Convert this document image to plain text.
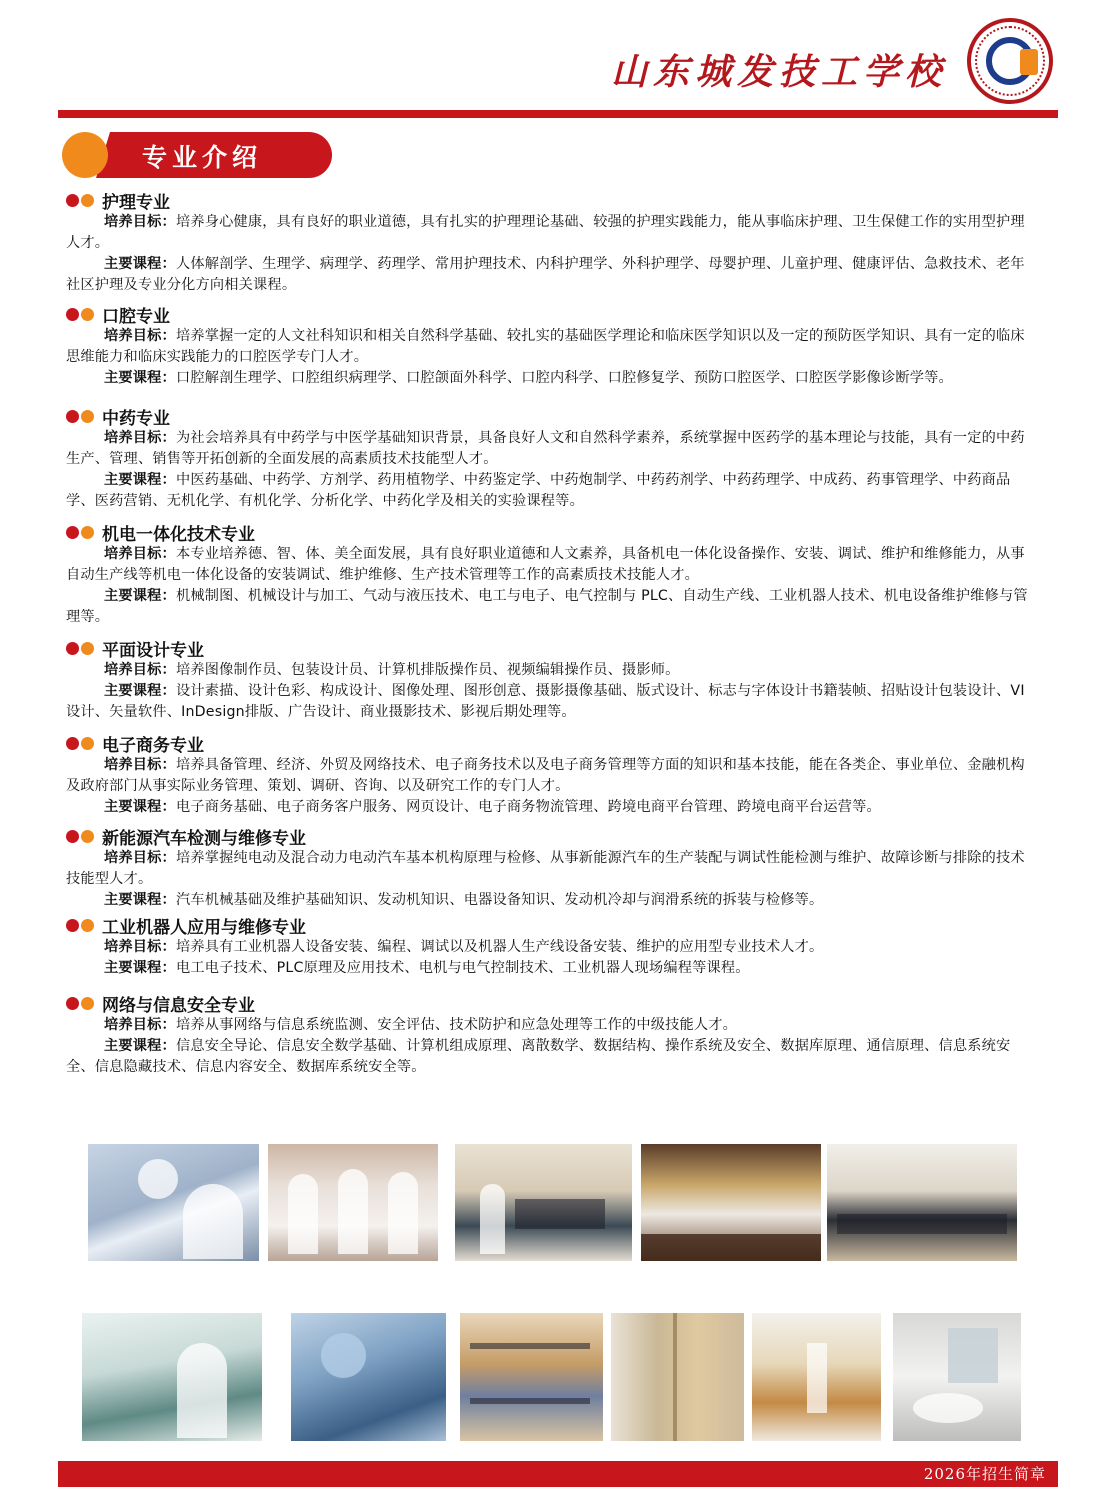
山东城发技工学校
专业介绍
护理专业

培养目标：培养身心健康，具有良好的职业道德，具有扎实的护理理论基础、较强的护理实践能力，能从事临床护理、卫生保健工作的实用型护理人才。

主要课程：人体解剖学、生理学、病理学、药理学、常用护理技术、内科护理学、外科护理学、母婴护理、儿童护理、健康评估、急救技术、老年社区护理及专业分化方向相关课程。

口腔专业

培养目标：培养掌握一定的人文社科知识和相关自然科学基础、较扎实的基础医学理论和临床医学知识以及一定的预防医学知识、具有一定的临床思维能力和临床实践能力的口腔医学专门人才。

主要课程：口腔解剖生理学、口腔组织病理学、口腔颌面外科学、口腔内科学、口腔修复学、预防口腔医学、口腔医学影像诊断学等。

中药专业

培养目标：为社会培养具有中药学与中医学基础知识背景，具备良好人文和自然科学素养，系统掌握中医药学的基本理论与技能，具有一定的中药生产、管理、销售等开拓创新的全面发展的高素质技术技能型人才。

主要课程：中医药基础、中药学、方剂学、药用植物学、中药鉴定学、中药炮制学、中药药剂学、中药药理学、中成药、药事管理学、中药商品学、医药营销、无机化学、有机化学、分析化学、中药化学及相关的实验课程等。

机电一体化技术专业

培养目标：本专业培养德、智、体、美全面发展，具有良好职业道德和人文素养，具备机电一体化设备操作、安装、调试、维护和维修能力，从事自动生产线等机电一体化设备的安装调试、维护维修、生产技术管理等工作的高素质技术技能人才。

主要课程：机械制图、机械设计与加工、气动与液压技术、电工与电子、电气控制与 PLC、自动生产线、工业机器人技术、机电设备维护维修与管理等。

平面设计专业

培养目标：培养图像制作员、包装设计员、计算机排版操作员、视频编辑操作员、摄影师。

主要课程：设计素描、设计色彩、构成设计、图像处理、图形创意、摄影摄像基础、版式设计、标志与字体设计书籍装帧、招贴设计包装设计、VI设计、矢量软件、InDesign排版、广告设计、商业摄影技术、影视后期处理等。

电子商务专业

培养目标：培养具备管理、经济、外贸及网络技术、电子商务技术以及电子商务管理等方面的知识和基本技能，能在各类企、事业单位、金融机构及政府部门从事实际业务管理、策划、调研、咨询、以及研究工作的专门人才。

主要课程：电子商务基础、电子商务客户服务、网页设计、电子商务物流管理、跨境电商平台管理、跨境电商平台运营等。

新能源汽车检测与维修专业

培养目标：培养掌握纯电动及混合动力电动汽车基本机构原理与检修、从事新能源汽车的生产装配与调试性能检测与维护、故障诊断与排除的技术技能型人才。

主要课程：汽车机械基础及维护基础知识、发动机知识、电器设备知识、发动机冷却与润滑系统的拆装与检修等。

工业机器人应用与维修专业

培养目标：培养具有工业机器人设备安装、编程、调试以及机器人生产线设备安装、维护的应用型专业技术人才。

主要课程：电工电子技术、PLC原理及应用技术、电机与电气控制技术、工业机器人现场编程等课程。

网络与信息安全专业

培养目标：培养从事网络与信息系统监测、安全评估、技术防护和应急处理等工作的中级技能人才。

主要课程：信息安全导论、信息安全数学基础、计算机组成原理、离散数学、数据结构、操作系统及安全、数据库原理、通信原理、信息系统安全、信息隐藏技术、信息内容安全、数据库系统安全等。

2026年招生简章
